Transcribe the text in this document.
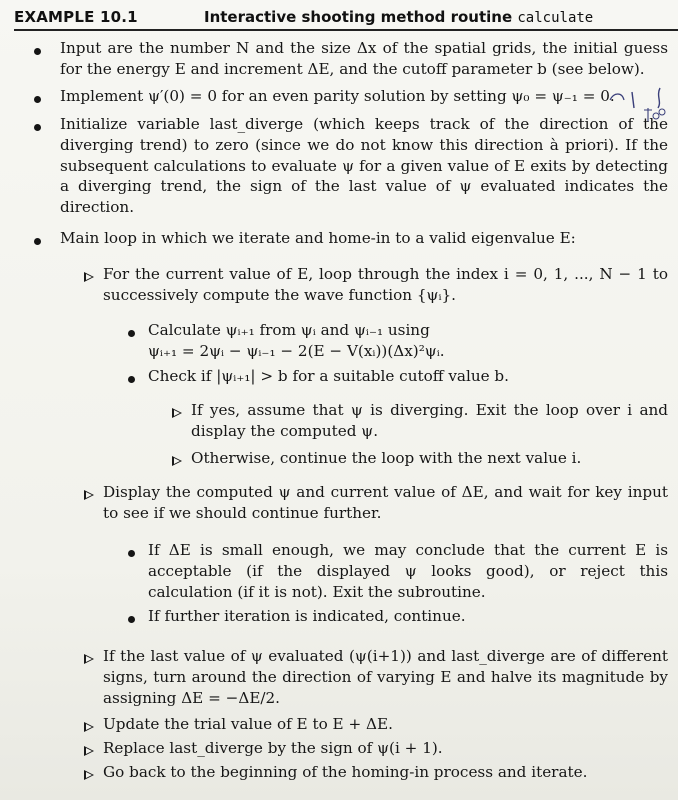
EXAMPLE 10.1	Interactive shooting method routine calculate

Input are the number N and the size Δx of the spatial grids, the initial guess for the energy E and increment ΔE, and the cutoff parameter b (see below).

Implement ψ′(0) = 0 for an even parity solution by setting ψ₀ = ψ₋₁ = 0.

Initialize variable last_diverge (which keeps track of the direction of the diverging trend) to zero (since we do not know this direction à priori). If the subsequent calculations to evaluate ψ for a given value of E exits by detecting a diverging trend, the sign of the last value of ψ evaluated indicates the direction.

Main loop in which we iterate and home-in to a valid eigenvalue E:

For the current value of E, loop through the index i = 0, 1, ..., N − 1 to successively compute the wave function {ψᵢ}.

Calculate ψᵢ₊₁ from ψᵢ and ψᵢ₋₁ using

ψᵢ₊₁ = 2ψᵢ − ψᵢ₋₁ − 2(E − V(xᵢ))(Δx)²ψᵢ.

Check if |ψᵢ₊₁| > b for a suitable cutoff value b.

If yes, assume that ψ is diverging. Exit the loop over i and display the computed ψ.

Otherwise, continue the loop with the next value i.

Display the computed ψ and current value of ΔE, and wait for key input to see if we should continue further.

If ΔE is small enough, we may conclude that the current E is acceptable (if the displayed ψ looks good), or reject this calculation (if it is not). Exit the subroutine.

If further iteration is indicated, continue.

If the last value of ψ evaluated (ψ(i+1)) and last_diverge are of different signs, turn around the direction of varying E and halve its magnitude by assigning ΔE = −ΔE/2.

Update the trial value of E to E + ΔE.

Replace last_diverge by the sign of ψ(i + 1).

Go back to the beginning of the homing-in process and iterate.
